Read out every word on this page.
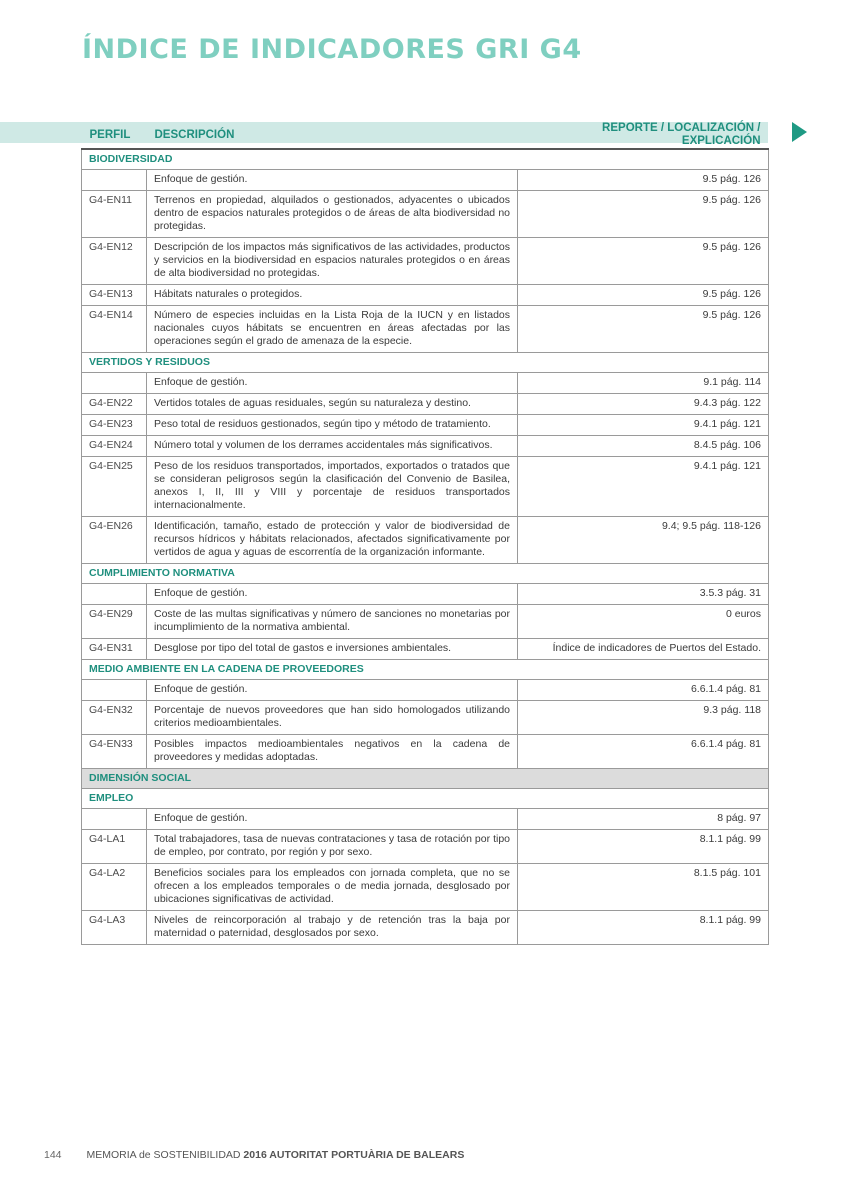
ÍNDICE DE INDICADORES GRI G4
PERFIL	DESCRIPCIÓN	REPORTE / LOCALIZACIÓN / EXPLICACIÓN
BIODIVERSIDAD		
	Enfoque de gestión.	9.5 pág. 126
G4-EN11	Terrenos en propiedad, alquilados o gestionados, adyacentes o ubicados dentro de espacios naturales protegidos o de áreas de alta biodiversidad no protegidas.	9.5 pág. 126
G4-EN12	Descripción de los impactos más significativos de las actividades, productos y servicios en la biodiversidad en espacios naturales protegidos o en áreas de alta biodiversidad no protegidas.	9.5 pág. 126
G4-EN13	Hábitats naturales o protegidos.	9.5 pág. 126
G4-EN14	Número de especies incluidas en la Lista Roja de la IUCN y en listados nacionales cuyos hábitats se encuentren en áreas afectadas por las operaciones según el grado de amenaza de la especie.	9.5 pág. 126
VERTIDOS Y RESIDUOS		
	Enfoque de gestión.	9.1 pág. 114
G4-EN22	Vertidos totales de aguas residuales, según su naturaleza y destino.	9.4.3 pág. 122
G4-EN23	Peso total de residuos gestionados, según tipo y método de tratamiento.	9.4.1 pág. 121
G4-EN24	Número total y volumen de los derrames accidentales más significativos.	8.4.5 pág. 106
G4-EN25	Peso de los residuos transportados, importados, exportados o tratados que se consideran peligrosos según la clasificación del Convenio de Basilea, anexos I, II, III y VIII y porcentaje de residuos transportados internacionalmente.	9.4.1 pág. 121
G4-EN26	Identificación, tamaño, estado de protección y valor de biodiversidad de recursos hídricos y hábitats relacionados, afectados significativamente por vertidos de agua y aguas de escorrentía de la organización informante.	9.4; 9.5 pág. 118-126
CUMPLIMIENTO NORMATIVA		
	Enfoque de gestión.	3.5.3 pág. 31
G4-EN29	Coste de las multas significativas y número de sanciones no monetarias por incumplimiento de la normativa ambiental.	0 euros
G4-EN31	Desglose por tipo del total de gastos e inversiones ambientales.	Índice de indicadores de Puertos del Estado.
MEDIO AMBIENTE EN LA CADENA DE PROVEEDORES		
	Enfoque de gestión.	6.6.1.4 pág. 81
G4-EN32	Porcentaje de nuevos proveedores que han sido homologados utilizando criterios medioambientales.	9.3 pág. 118
G4-EN33	Posibles impactos medioambientales negativos en la cadena de proveedores y medidas adoptadas.	6.6.1.4 pág. 81
DIMENSIÓN SOCIAL		
EMPLEO		
	Enfoque de gestión.	8 pág. 97
G4-LA1	Total trabajadores, tasa de nuevas contrataciones y tasa de rotación por tipo de empleo, por contrato, por región y por sexo.	8.1.1 pág. 99
G4-LA2	Beneficios sociales para los empleados con jornada completa, que no se ofrecen a los empleados temporales o de media jornada, desglosado por ubicaciones significativas de actividad.	8.1.5 pág. 101
G4-LA3	Niveles de reincorporación al trabajo y de retención tras la baja por maternidad o paternidad, desglosados por sexo.	8.1.1 pág. 99
144 MEMORIA de SOSTENIBILIDAD 2016 AUTORITAT PORTUÀRIA DE BALEARS
